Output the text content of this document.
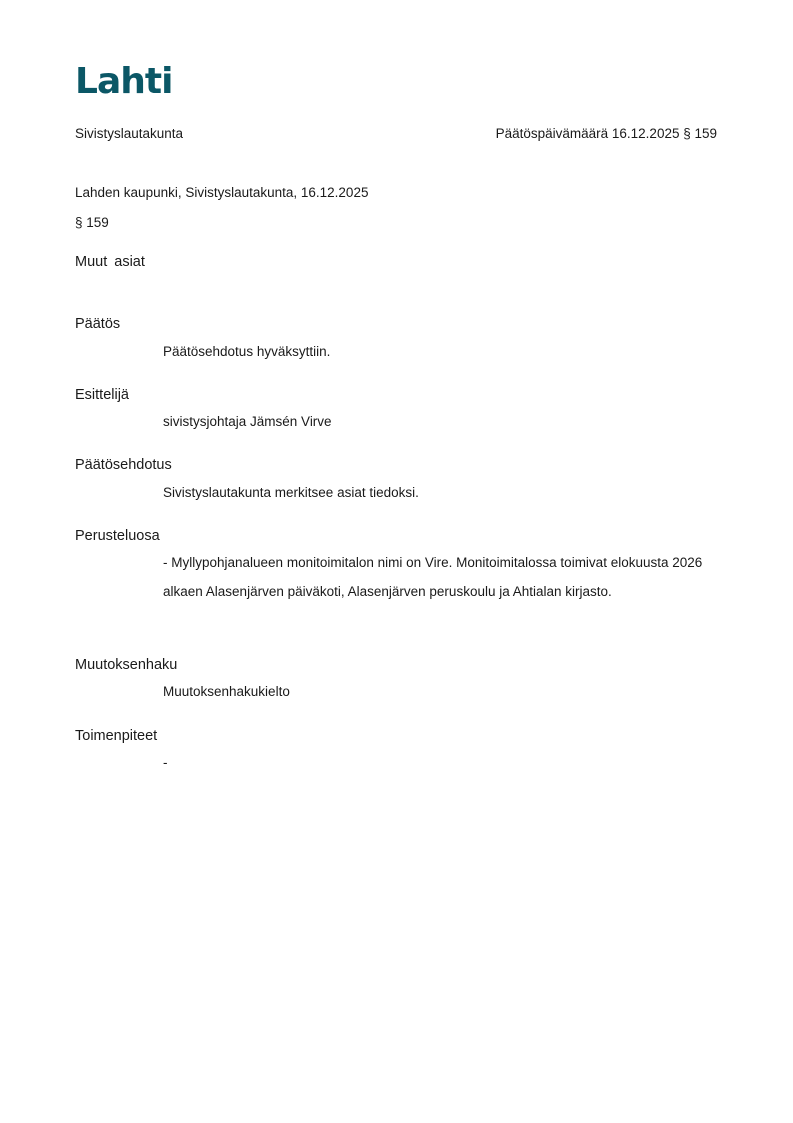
Lahti
Sivistyslautakunta	Päätöspäivämäärä 16.12.2025 § 159
Lahden kaupunki, Sivistyslautakunta, 16.12.2025
§ 159
Muut asiat
Päätös
Päätösehdotus hyväksyttiin.
Esittelijä
sivistysjohtaja Jämsén Virve
Päätösehdotus
Sivistyslautakunta merkitsee asiat tiedoksi.
Perusteluosa
- Myllypohjanalueen monitoimitalon nimi on Vire. Monitoimitalossa toimivat elokuusta 2026 alkaen Alasenjärven päiväkoti, Alasenjärven peruskoulu ja Ahtialan kirjasto.
Muutoksenhaku
Muutoksenhakukielto
Toimenpiteet
-
